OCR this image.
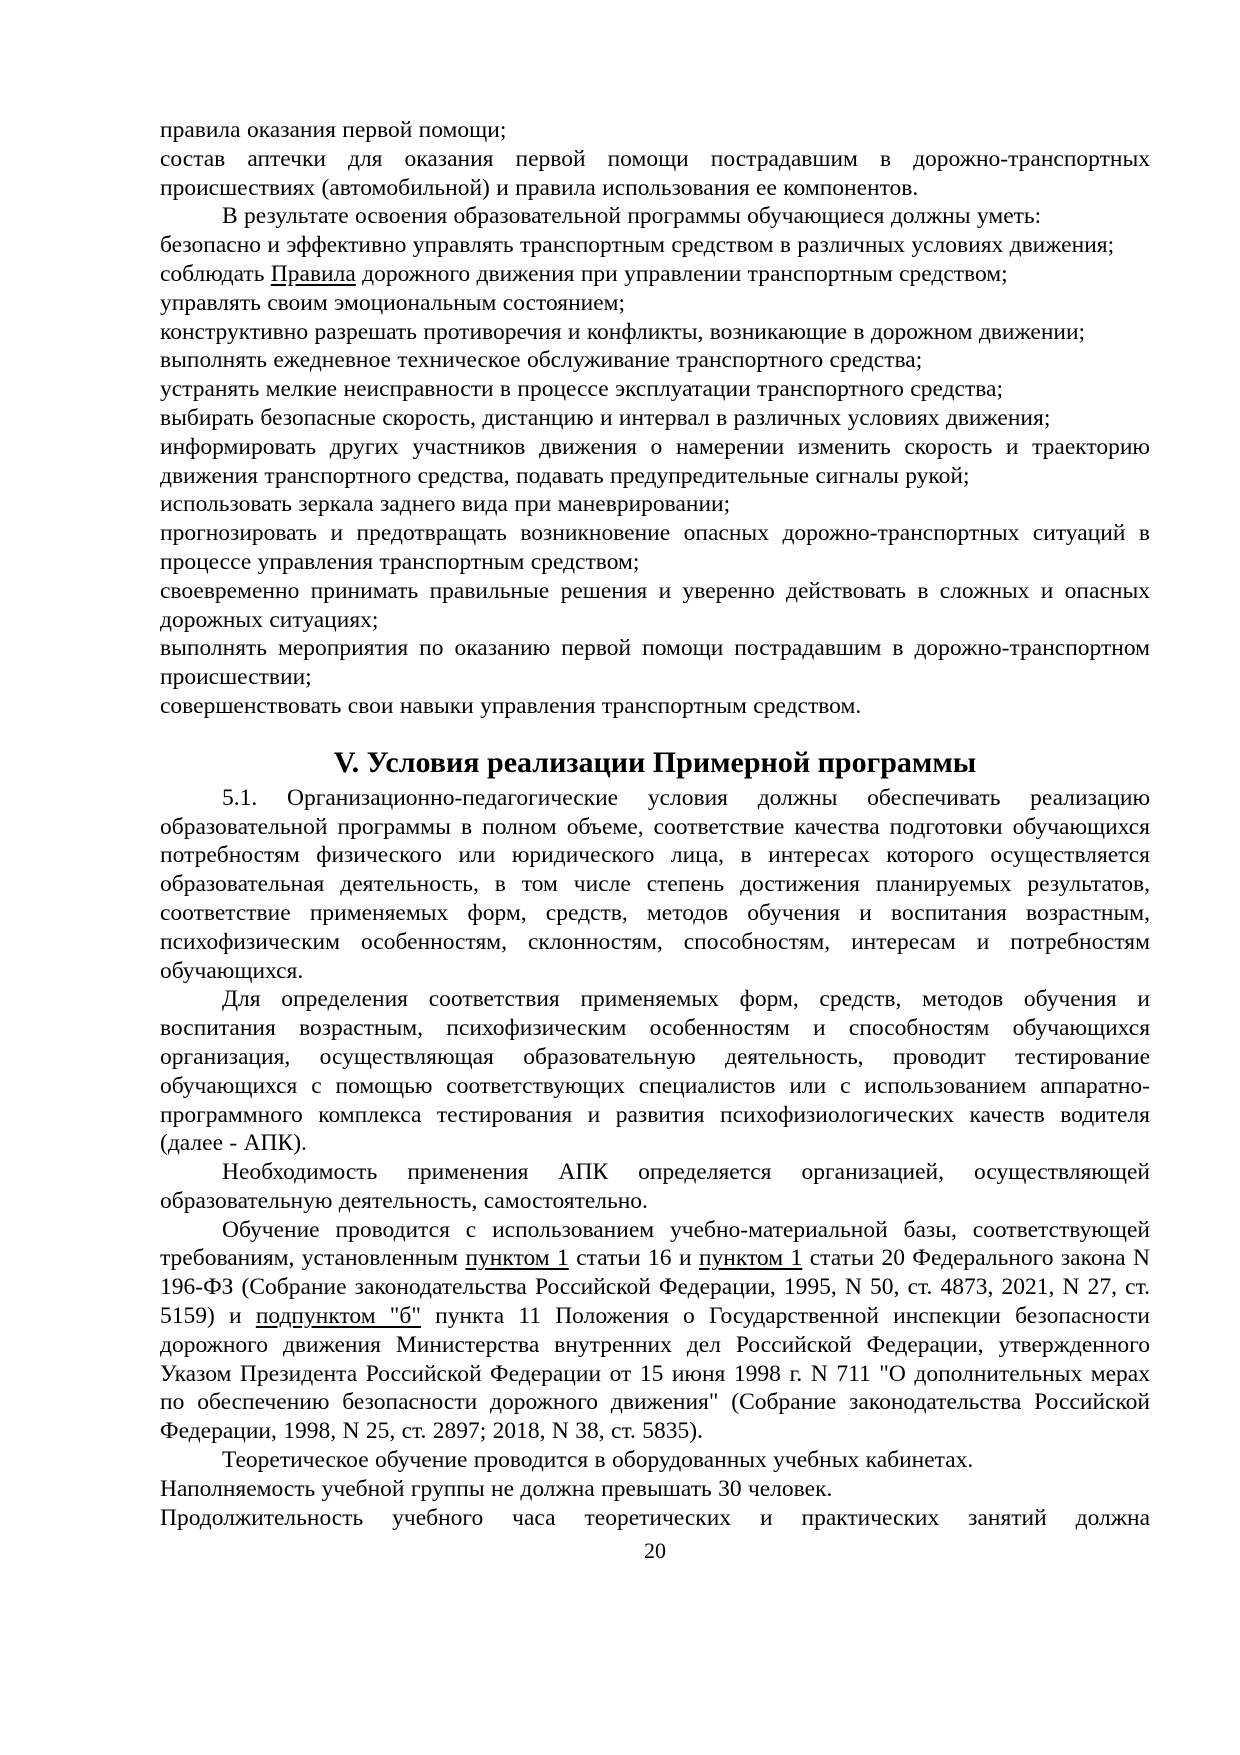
правила оказания первой помощи;

состав аптечки для оказания первой помощи пострадавшим в дорожно-транспортных происшествиях (автомобильной) и правила использования ее компонентов.

В результате освоения образовательной программы обучающиеся должны уметь:

безопасно и эффективно управлять транспортным средством в различных условиях движения;

соблюдать Правила дорожного движения при управлении транспортным средством;

управлять своим эмоциональным состоянием;

конструктивно разрешать противоречия и конфликты, возникающие в дорожном движении;

выполнять ежедневное техническое обслуживание транспортного средства;

устранять мелкие неисправности в процессе эксплуатации транспортного средства;

выбирать безопасные скорость, дистанцию и интервал в различных условиях движения;

информировать других участников движения о намерении изменить скорость и траекторию движения транспортного средства, подавать предупредительные сигналы рукой;

использовать зеркала заднего вида при маневрировании;

прогнозировать и предотвращать возникновение опасных дорожно-транспортных ситуаций в процессе управления транспортным средством;

своевременно принимать правильные решения и уверенно действовать в сложных и опасных дорожных ситуациях;

выполнять мероприятия по оказанию первой помощи пострадавшим в дорожно-транспортном происшествии;

совершенствовать свои навыки управления транспортным средством.

V. Условия реализации Примерной программы

5.1. Организационно-педагогические условия должны обеспечивать реализацию образовательной программы в полном объеме, соответствие качества подготовки обучающихся потребностям физического или юридического лица, в интересах которого осуществляется образовательная деятельность, в том числе степень достижения планируемых результатов, соответствие применяемых форм, средств, методов обучения и воспитания возрастным, психофизическим особенностям, склонностям, способностям, интересам и потребностям обучающихся.

Для определения соответствия применяемых форм, средств, методов обучения и воспитания возрастным, психофизическим особенностям и способностям обучающихся организация, осуществляющая образовательную деятельность, проводит тестирование обучающихся с помощью соответствующих специалистов или с использованием аппаратно-программного комплекса тестирования и развития психофизиологических качеств водителя (далее - АПК).

Необходимость применения АПК определяется организацией, осуществляющей образовательную деятельность, самостоятельно.

Обучение проводится с использованием учебно-материальной базы, соответствующей требованиям, установленным пунктом 1 статьи 16 и пунктом 1 статьи 20 Федерального закона N 196-ФЗ (Собрание законодательства Российской Федерации, 1995, N 50, ст. 4873, 2021, N 27, ст. 5159) и подпунктом "б" пункта 11 Положения о Государственной инспекции безопасности дорожного движения Министерства внутренних дел Российской Федерации, утвержденного Указом Президента Российской Федерации от 15 июня 1998 г. N 711 "О дополнительных мерах по обеспечению безопасности дорожного движения" (Собрание законодательства Российской Федерации, 1998, N 25, ст. 2897; 2018, N 38, ст. 5835).

Теоретическое обучение проводится в оборудованных учебных кабинетах.

Наполняемость учебной группы не должна превышать 30 человек.

Продолжительность учебного часа теоретических и практических занятий должна

20
